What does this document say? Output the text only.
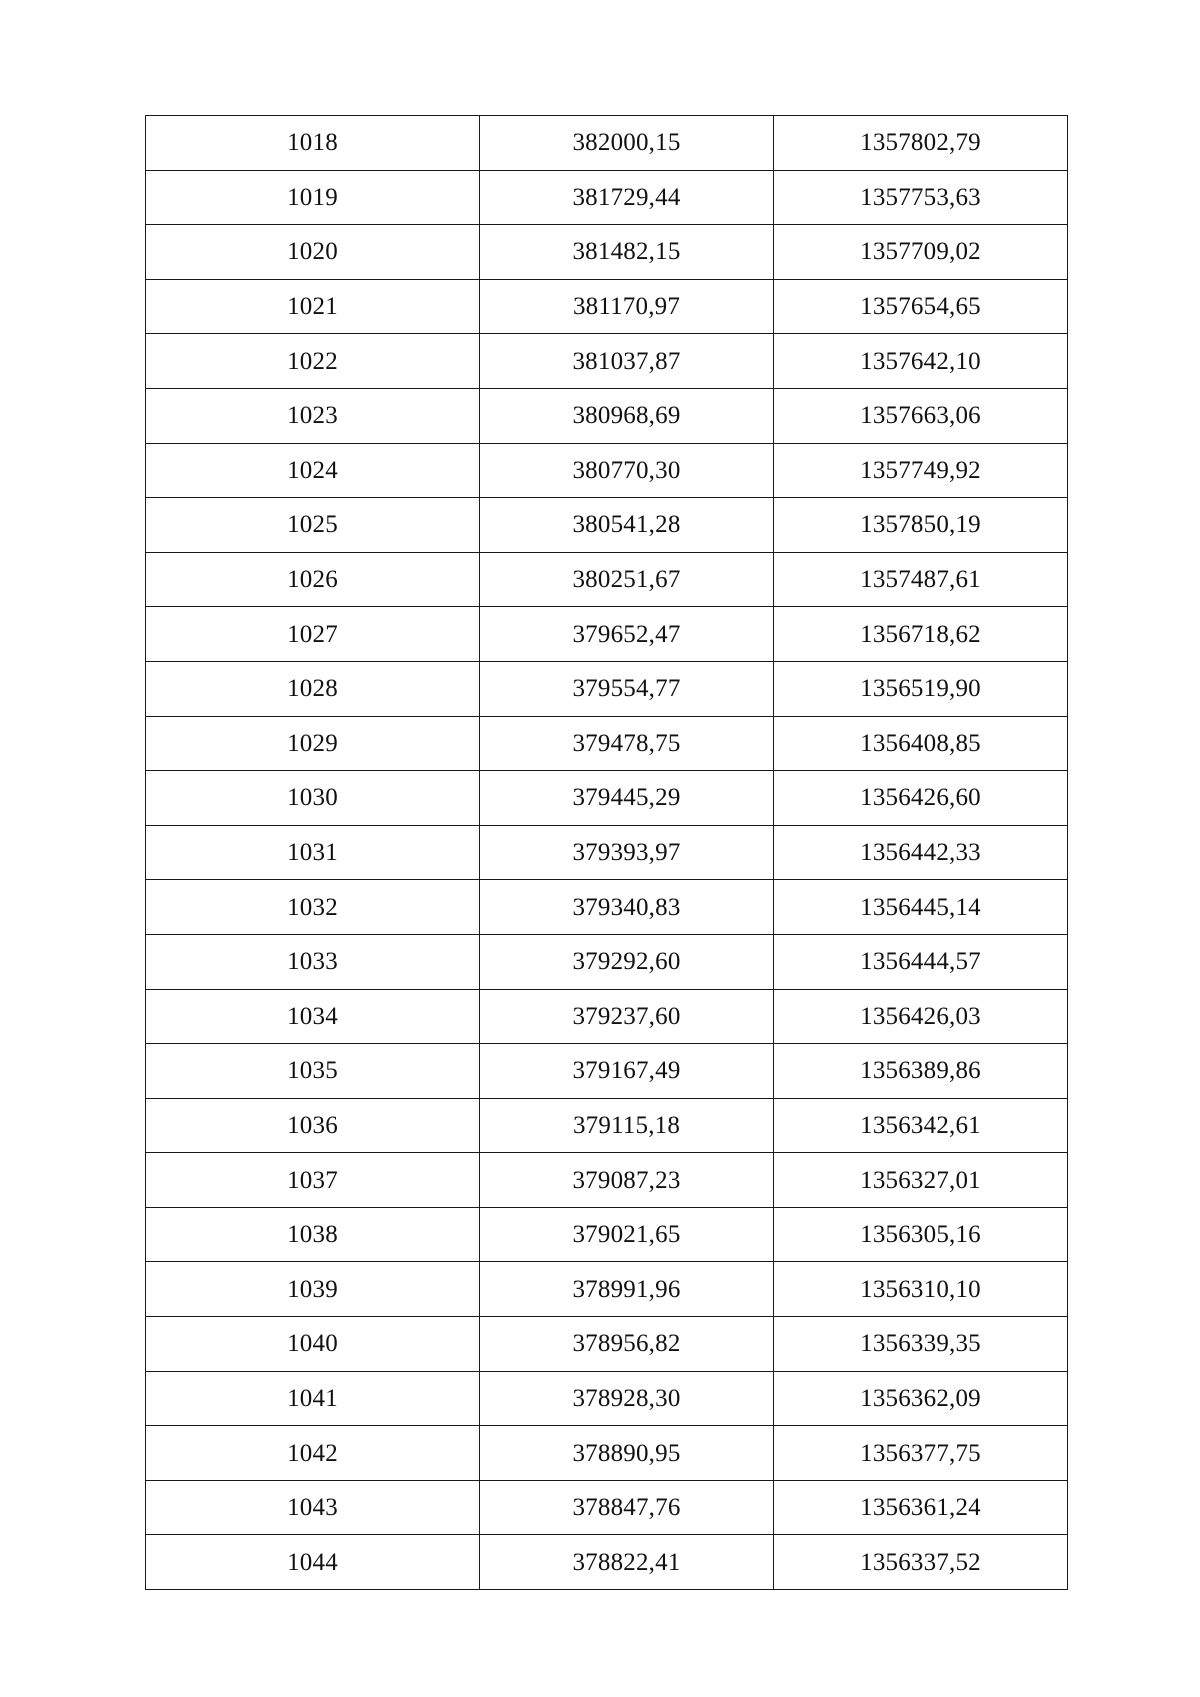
1018	382000,15	1357802,79
1019	381729,44	1357753,63
1020	381482,15	1357709,02
1021	381170,97	1357654,65
1022	381037,87	1357642,10
1023	380968,69	1357663,06
1024	380770,30	1357749,92
1025	380541,28	1357850,19
1026	380251,67	1357487,61
1027	379652,47	1356718,62
1028	379554,77	1356519,90
1029	379478,75	1356408,85
1030	379445,29	1356426,60
1031	379393,97	1356442,33
1032	379340,83	1356445,14
1033	379292,60	1356444,57
1034	379237,60	1356426,03
1035	379167,49	1356389,86
1036	379115,18	1356342,61
1037	379087,23	1356327,01
1038	379021,65	1356305,16
1039	378991,96	1356310,10
1040	378956,82	1356339,35
1041	378928,30	1356362,09
1042	378890,95	1356377,75
1043	378847,76	1356361,24
1044	378822,41	1356337,52
